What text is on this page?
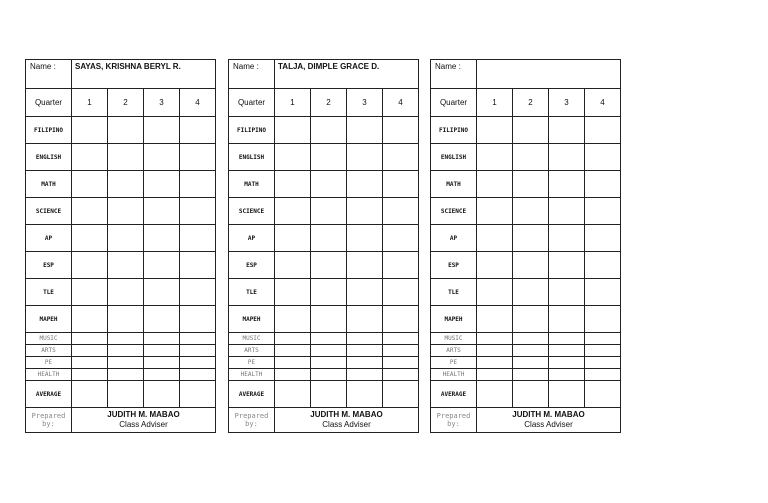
Name :	SAYAS, KRISHNA BERYL R.			
Quarter	1	2	3	4
FILIPINO				
ENGLISH				
MATH				
SCIENCE				
AP				
ESP				
TLE				
MAPEH				
MUSIC				
ARTS				
PE				
HEALTH				
AVERAGE				
Prepared by:	JUDITH M. MABAO
Class Adviser			
Name :	TALJA, DIMPLE GRACE D.			
Quarter	1	2	3	4
FILIPINO				
ENGLISH				
MATH				
SCIENCE				
AP				
ESP				
TLE				
MAPEH				
MUSIC				
ARTS				
PE				
HEALTH				
AVERAGE				
Prepared by:	JUDITH M. MABAO
Class Adviser			
Name :				
Quarter	1	2	3	4
FILIPINO				
ENGLISH				
MATH				
SCIENCE				
AP				
ESP				
TLE				
MAPEH				
MUSIC				
ARTS				
PE				
HEALTH				
AVERAGE				
Prepared by:	JUDITH M. MABAO
Class Adviser			
